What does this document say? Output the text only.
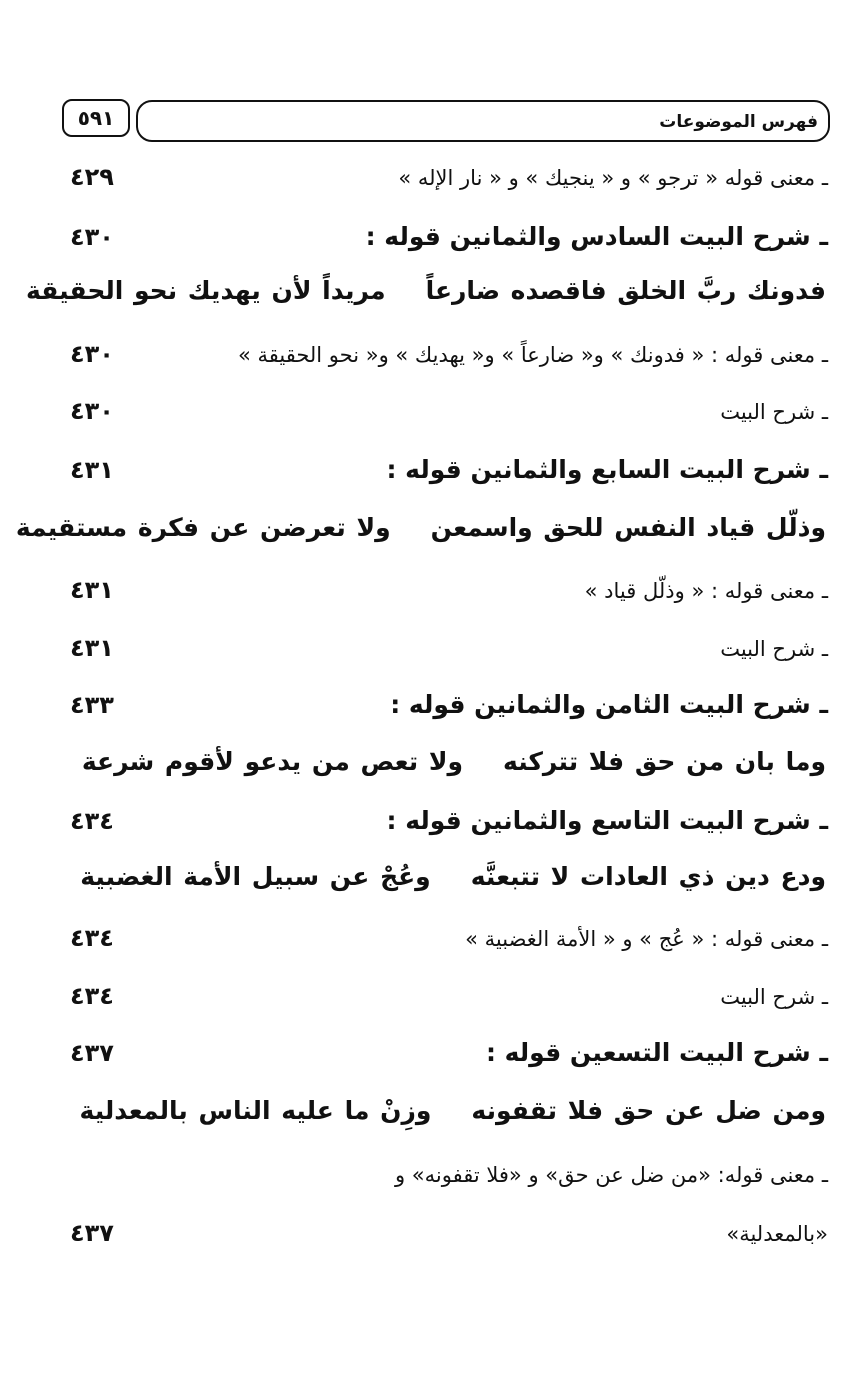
فهرس الموضوعات
٥٩١
ـ معنى قوله « ترجو » و « ينجيك » و « نار الإله »
٤٢٩
ـ شرح البيت السادس والثمانين قوله :
٤٣٠
فدونك ربَّ الخلق فاقصده ضارعاًمريداً لأن يهديك نحو الحقيقة
ـ معنى قوله : « فدونك » و« ضارعاً » و« يهديك » و« نحو الحقيقة »
٤٣٠
ـ شرح البيت
٤٣٠
ـ شرح البيت السابع والثمانين قوله :
٤٣١
وذلّل قياد النفس للحق واسمعنولا تعرضن عن فكرة مستقيمة
ـ معنى قوله : « وذلّل قياد »
٤٣١
ـ شرح البيت
٤٣١
ـ شرح البيت الثامن والثمانين قوله :
٤٣٣
وما بان من حق فلا تتركنهولا تعص من يدعو لأقوم شرعة
ـ شرح البيت التاسع والثمانين قوله :
٤٣٤
ودع دين ذي العادات لا تتبعنَّهوعُجْ عن سبيل الأمة الغضبية
ـ معنى قوله : « عُج » و « الأمة الغضبية »
٤٣٤
ـ شرح البيت
٤٣٤
ـ شرح البيت التسعين قوله :
٤٣٧
ومن ضل عن حق فلا تقفونهوزِنْ ما عليه الناس بالمعدلية
ـ معنى قوله: «من ضل عن حق» و «فلا تقفونه» و
«بالمعدلية»
٤٣٧
